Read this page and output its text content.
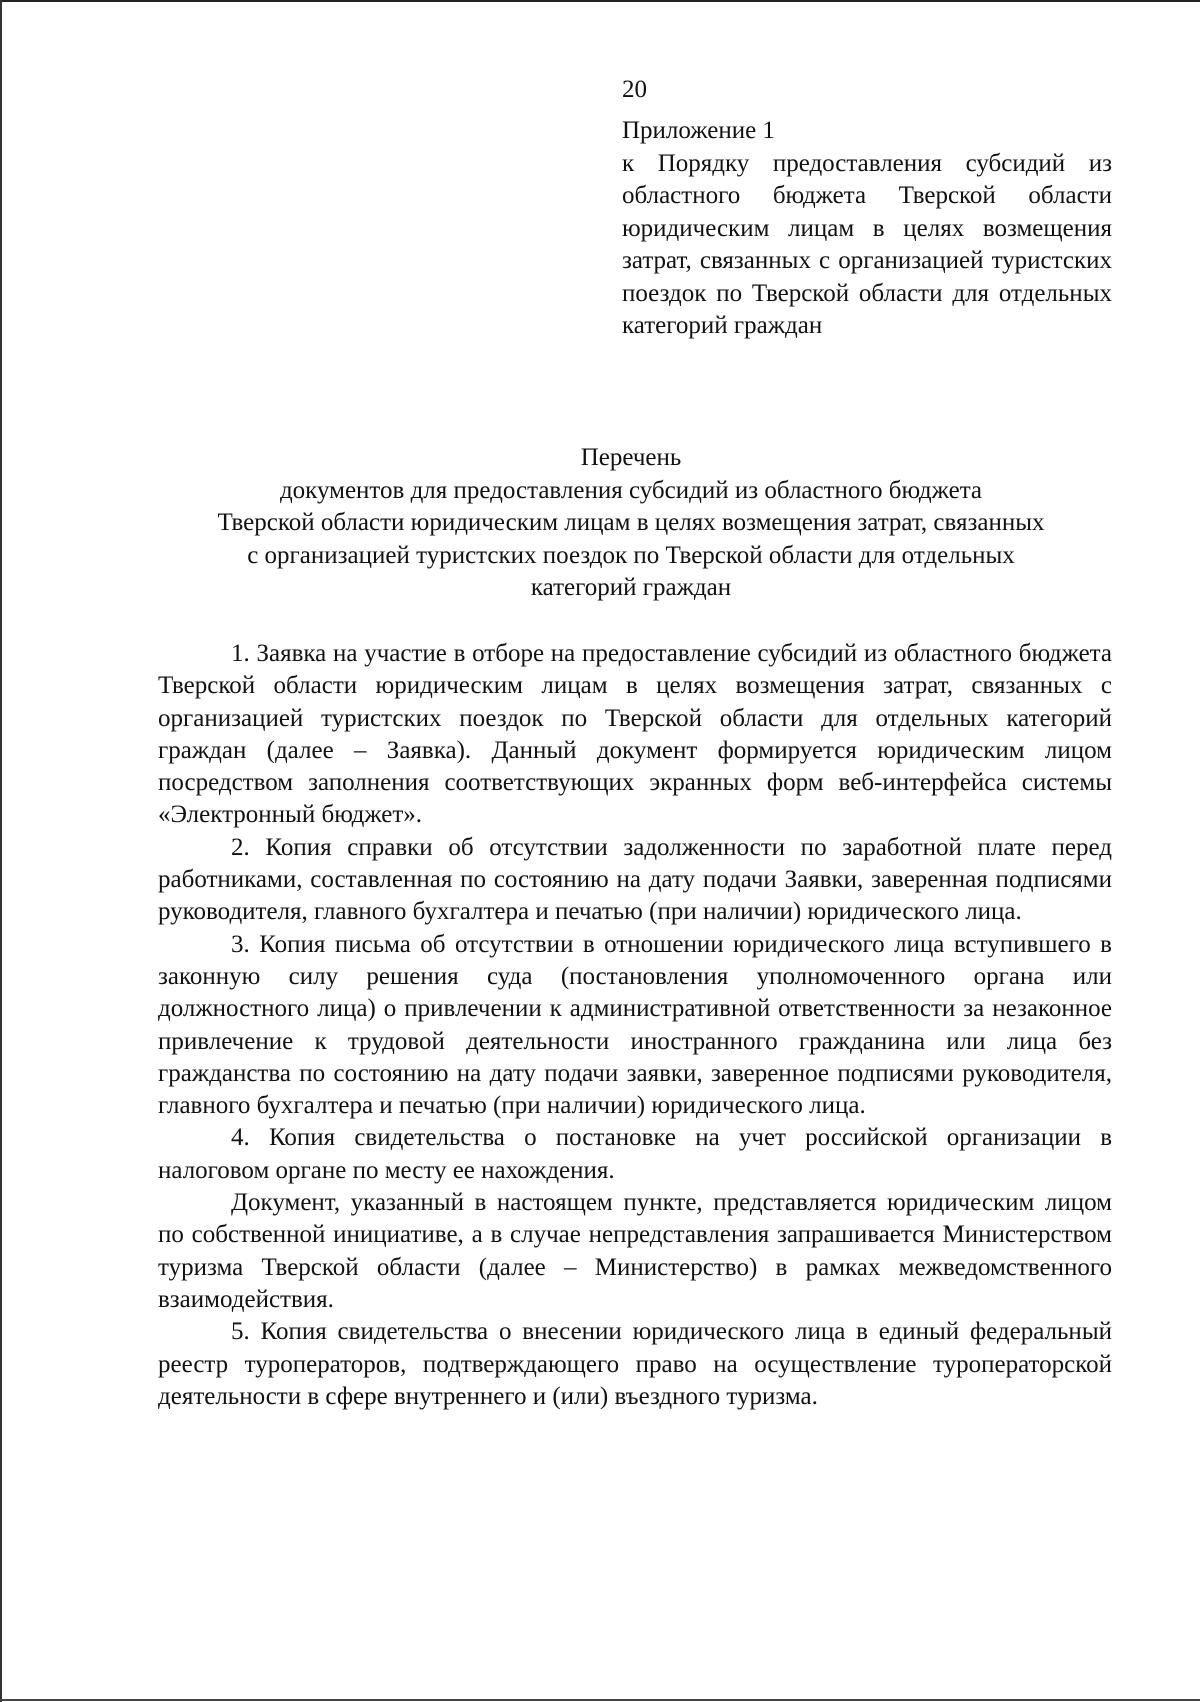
20
Приложение 1
к Порядку предоставления субсидий из областного бюджета Тверской области юридическим лицам в целях возмещения затрат, связанных с организацией туристских поездок по Тверской области для отдельных категорий граждан
Перечень
документов для предоставления субсидий из областного бюджета
Тверской области юридическим лицам в целях возмещения затрат, связанных
с организацией туристских поездок по Тверской области для отдельных
категорий граждан

1. Заявка на участие в отборе на предоставление субсидий из областного бюджета Тверской области юридическим лицам в целях возмещения затрат, связанных с организацией туристских поездок по Тверской области для отдельных категорий граждан (далее – Заявка). Данный документ формируется юридическим лицом посредством заполнения соответствующих экранных форм веб-интерфейса системы «Электронный бюджет».

2. Копия справки об отсутствии задолженности по заработной плате перед работниками, составленная по состоянию на дату подачи Заявки, заверенная подписями руководителя, главного бухгалтера и печатью (при наличии) юридического лица.

3. Копия письма об отсутствии в отношении юридического лица вступившего в законную силу решения суда (постановления уполномоченного органа или должностного лица) о привлечении к административной ответственности за незаконное привлечение к трудовой деятельности иностранного гражданина или лица без гражданства по состоянию на дату подачи заявки, заверенное подписями руководителя, главного бухгалтера и печатью (при наличии) юридического лица.

4. Копия свидетельства о постановке на учет российской организации в налоговом органе по месту ее нахождения.

Документ, указанный в настоящем пункте, представляется юридическим лицом по собственной инициативе, а в случае непредставления запрашивается Министерством туризма Тверской области (далее – Министерство) в рамках межведомственного взаимодействия.

5. Копия свидетельства о внесении юридического лица в единый федеральный реестр туроператоров, подтверждающего право на осуществление туроператорской деятельности в сфере внутреннего и (или) въездного туризма.
